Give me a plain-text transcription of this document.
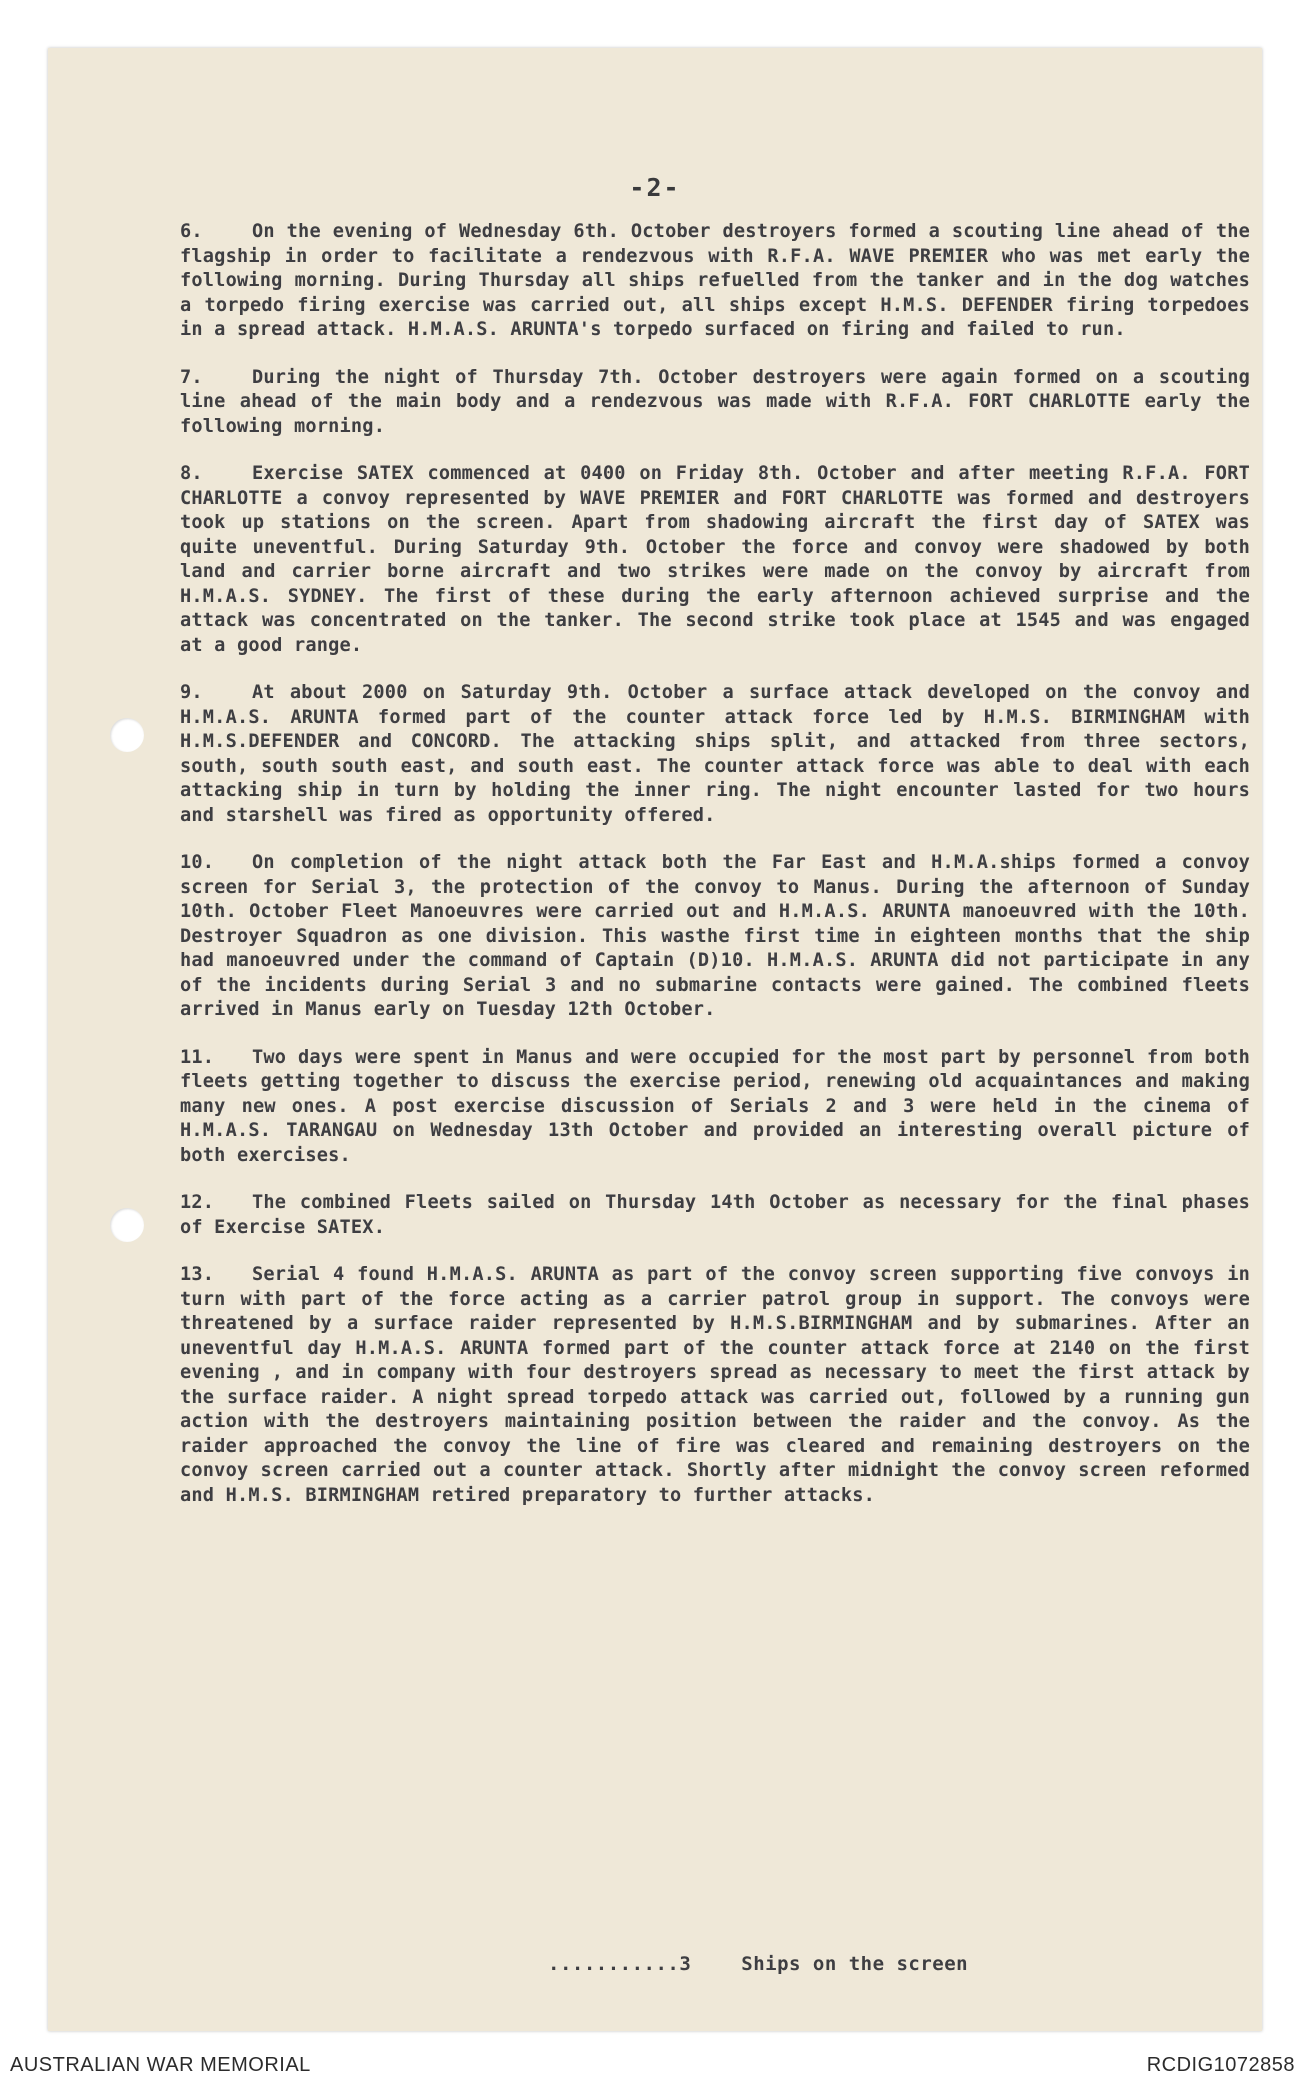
-2-

6.	On the evening of Wednesday 6th. October destroyers formed a scouting line ahead of the flagship in order to facilitate a rendezvous with R.F.A. WAVE PREMIER who was met early the following morning. During Thursday all ships refuelled from the tanker and in the dog watches a torpedo firing exercise was carried out, all ships except H.M.S. DEFENDER firing torpedoes in a spread attack. H.M.A.S. ARUNTA's torpedo surfaced on firing and failed to run.

7.	During the night of Thursday 7th. October destroyers were again formed on a scouting line ahead of the main body and a rendezvous was made with R.F.A. FORT CHARLOTTE early the following morning.

8.	Exercise SATEX commenced at 0400 on Friday 8th. October and after meeting R.F.A. FORT CHARLOTTE a convoy represented by WAVE PREMIER and FORT CHARLOTTE was formed and destroyers took up stations on the screen. Apart from shadowing aircraft the first day of SATEX was quite uneventful. During Saturday 9th. October the force and convoy were shadowed by both land and carrier borne aircraft and two strikes were made on the convoy by aircraft from H.M.A.S. SYDNEY. The first of these during the early afternoon achieved surprise and the attack was concentrated on the tanker. The second strike took place at 1545 and was engaged at a good range.

9.	At about 2000 on Saturday 9th. October a surface attack developed on the convoy and H.M.A.S. ARUNTA formed part of the counter attack force led by H.M.S. BIRMINGHAM with H.M.S.DEFENDER and CONCORD. The attacking ships split, and attacked from three sectors, south, south south east, and south east. The counter attack force was able to deal with each attacking ship in turn by holding the inner ring. The night encounter lasted for two hours and starshell was fired as opportunity offered.

10. On completion of the night attack both the Far East and H.M.A.ships formed a convoy screen for Serial 3, the protection of the convoy to Manus. During the afternoon of Sunday 10th. October Fleet Manoeuvres were carried out and H.M.A.S. ARUNTA manoeuvred with the 10th. Destroyer Squadron as one division. This wasthe first time in eighteen months that the ship had manoeuvred under the command of Captain (D)10. H.M.A.S. ARUNTA did not participate in any of the incidents during Serial 3 and no submarine contacts were gained. The combined fleets arrived in Manus early on Tuesday 12th October.

11. Two days were spent in Manus and were occupied for the most part by personnel from both fleets getting together to discuss the exercise period, renewing old acquaintances and making many new ones. A post exercise discussion of Serials 2 and 3 were held in the cinema of H.M.A.S. TARANGAU on Wednesday 13th October and provided an interesting overall picture of both exercises.

12. The combined Fleets sailed on Thursday 14th October as necessary for the final phases of Exercise SATEX.

13. Serial 4 found H.M.A.S. ARUNTA as part of the convoy screen supporting five convoys in turn with part of the force acting as a carrier patrol group in support. The convoys were threatened by a surface raider represented by H.M.S.BIRMINGHAM and by submarines. After an uneventful day H.M.A.S. ARUNTA formed part of the counter attack force at 2140 on the first evening , and in company with four destroyers spread as necessary to meet the first attack by the surface raider. A night spread torpedo attack was carried out, followed by a running gun action with the destroyers maintaining position between the raider and the convoy. As the raider approached the convoy the line of fire was cleared and remaining destroyers on the convoy screen carried out a counter attack. Shortly after midnight the convoy screen reformed and H.M.S. BIRMINGHAM retired preparatory to further attacks.

...........3	Ships on the screen
AUSTRALIAN WAR MEMORIAL	RCDIG1072858
